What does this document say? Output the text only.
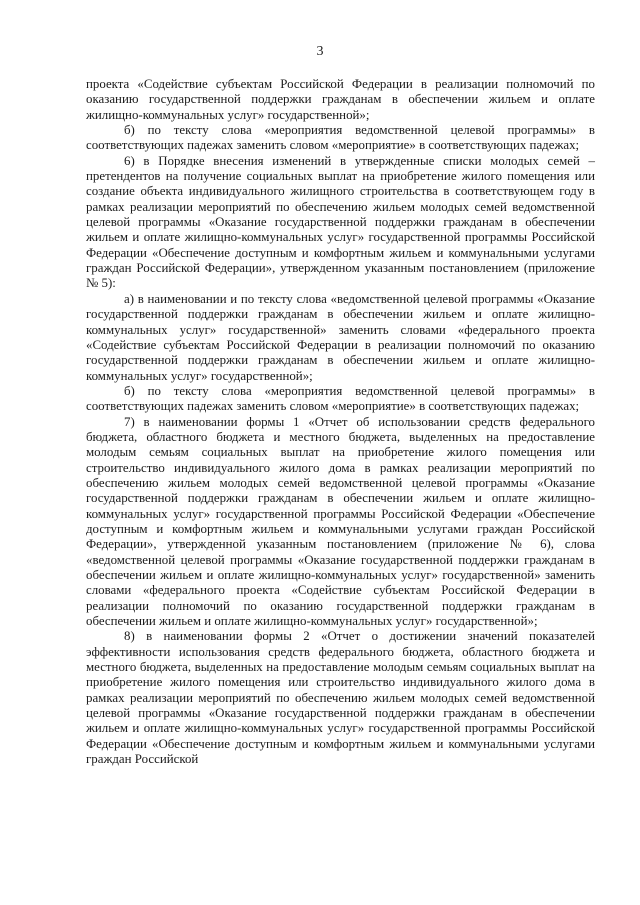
3

проекта «Содействие субъектам Российской Федерации в реализации полномочий по оказанию государственной поддержки гражданам в обеспечении жильем и оплате жилищно-коммунальных услуг» государственной»;

б) по тексту слова «мероприятия ведомственной целевой программы» в соответствующих падежах заменить словом «мероприятие» в соответствующих падежах;

6) в Порядке внесения изменений в утвержденные списки молодых семей – претендентов на получение социальных выплат на приобретение жилого помещения или создание объекта индивидуального жилищного строительства в соответствующем году в рамках реализации мероприятий по обеспечению жильем молодых семей ведомственной целевой программы «Оказание государственной поддержки гражданам в обеспечении жильем и оплате жилищно-коммунальных услуг» государственной программы Российской Федерации «Обеспечение доступным и комфортным жильем и коммунальными услугами граждан Российской Федерации», утвержденном указанным постановлением (приложение № 5):

а) в наименовании и по тексту слова «ведомственной целевой программы «Оказание государственной поддержки гражданам в обеспечении жильем и оплате жилищно-коммунальных услуг» государственной» заменить словами «федерального проекта «Содействие субъектам Российской Федерации в реализации полномочий по оказанию государственной поддержки гражданам в обеспечении жильем и оплате жилищно-коммунальных услуг» государственной»;

б) по тексту слова «мероприятия ведомственной целевой программы» в соответствующих падежах заменить словом «мероприятие» в соответствующих падежах;

7) в наименовании формы 1 «Отчет об использовании средств федерального бюджета, областного бюджета и местного бюджета, выделенных на предоставление молодым семьям социальных выплат на приобретение жилого помещения или строительство индивидуального жилого дома в рамках реализации мероприятий по обеспечению жильем молодых семей ведомственной целевой программы «Оказание государственной поддержки гражданам в обеспечении жильем и оплате жилищно-коммунальных услуг» государственной программы Российской Федерации «Обеспечение доступным и комфортным жильем и коммунальными услугами граждан Российской Федерации», утвержденной указанным постановлением (приложение № 6), слова «ведомственной целевой программы «Оказание государственной поддержки гражданам в обеспечении жильем и оплате жилищно-коммунальных услуг» государственной» заменить словами «федерального проекта «Содействие субъектам Российской Федерации в реализации полномочий по оказанию государственной поддержки гражданам в обеспечении жильем и оплате жилищно-коммунальных услуг» государственной»;

8) в наименовании формы 2 «Отчет о достижении значений показателей эффективности использования средств федерального бюджета, областного бюджета и местного бюджета, выделенных на предоставление молодым семьям социальных выплат на приобретение жилого помещения или строительство индивидуального жилого дома в рамках реализации мероприятий по обеспечению жильем молодых семей ведомственной целевой программы «Оказание государственной поддержки гражданам в обеспечении жильем и оплате жилищно-коммунальных услуг» государственной программы Российской Федерации «Обеспечение доступным и комфортным жильем и коммунальными услугами граждан Российской
